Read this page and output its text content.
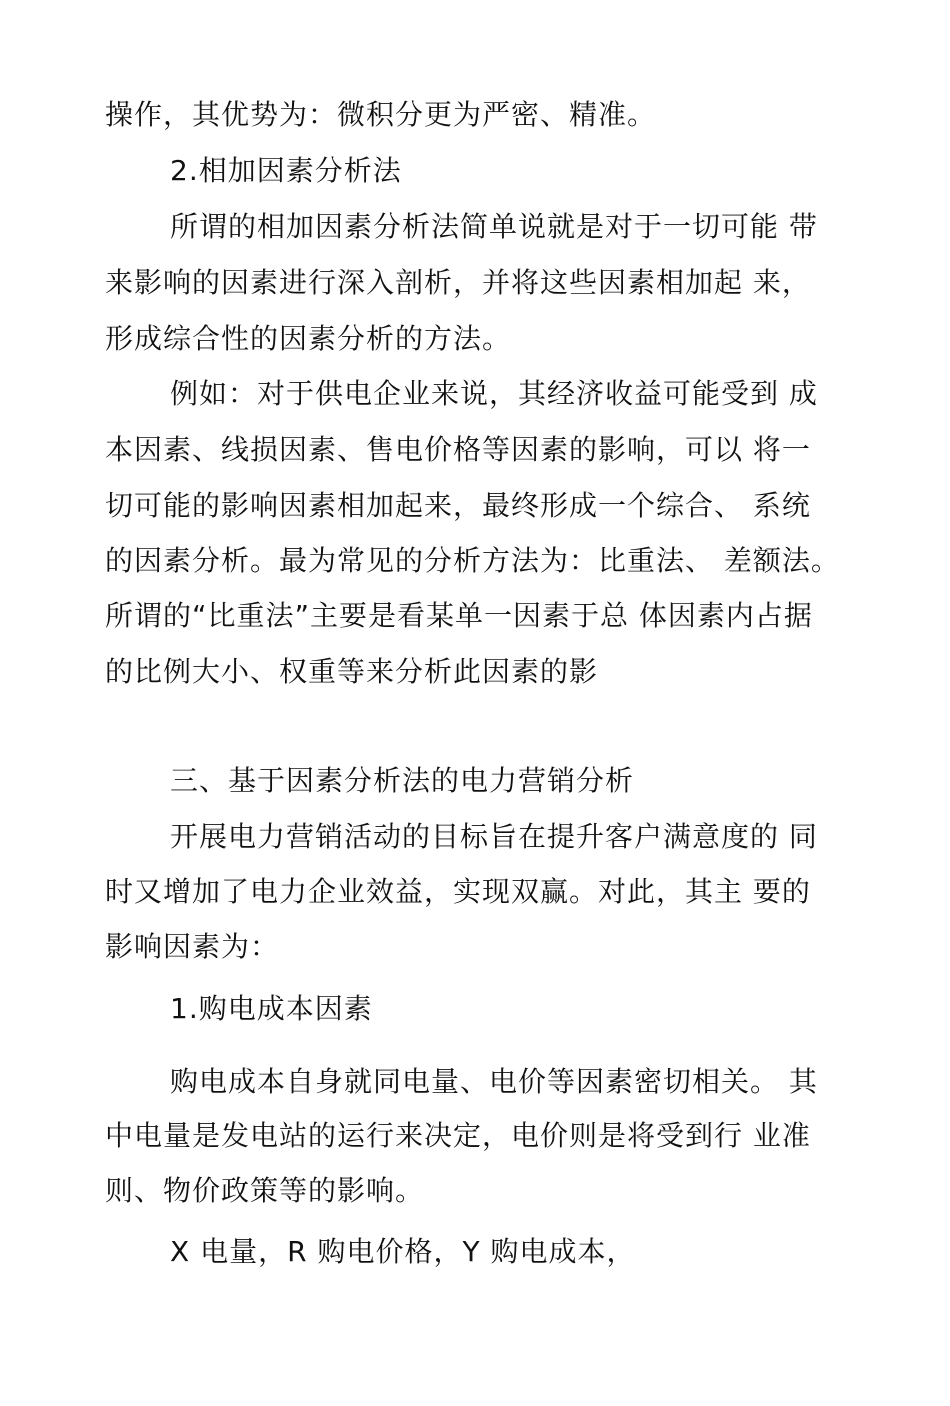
操作，其优势为：微积分更为严密、精准。
2.相加因素分析法
所谓的相加因素分析法简单说就是对于一切可能 带
来影响的因素进行深入剖析，并将这些因素相加起 来，
形成综合性的因素分析的方法。
例如：对于供电企业来说，其经济收益可能受到 成
本因素、线损因素、售电价格等因素的影响，可以 将一
切可能的影响因素相加起来，最终形成一个综合、 系统
的因素分析。最为常见的分析方法为：比重法、 差额法。
所谓的“比重法”主要是看某单一因素于总 体因素内占据
的比例大小、权重等来分析此因素的影
三、基于因素分析法的电力营销分析
开展电力营销活动的目标旨在提升客户满意度的 同
时又增加了电力企业效益，实现双赢。对此，其主 要的
影响因素为：
1.购电成本因素
购电成本自身就同电量、电价等因素密切相关。 其
中电量是发电站的运行来决定，电价则是将受到行 业准
则、物价政策等的影响。
X 电量，R 购电价格，Y 购电成本，
